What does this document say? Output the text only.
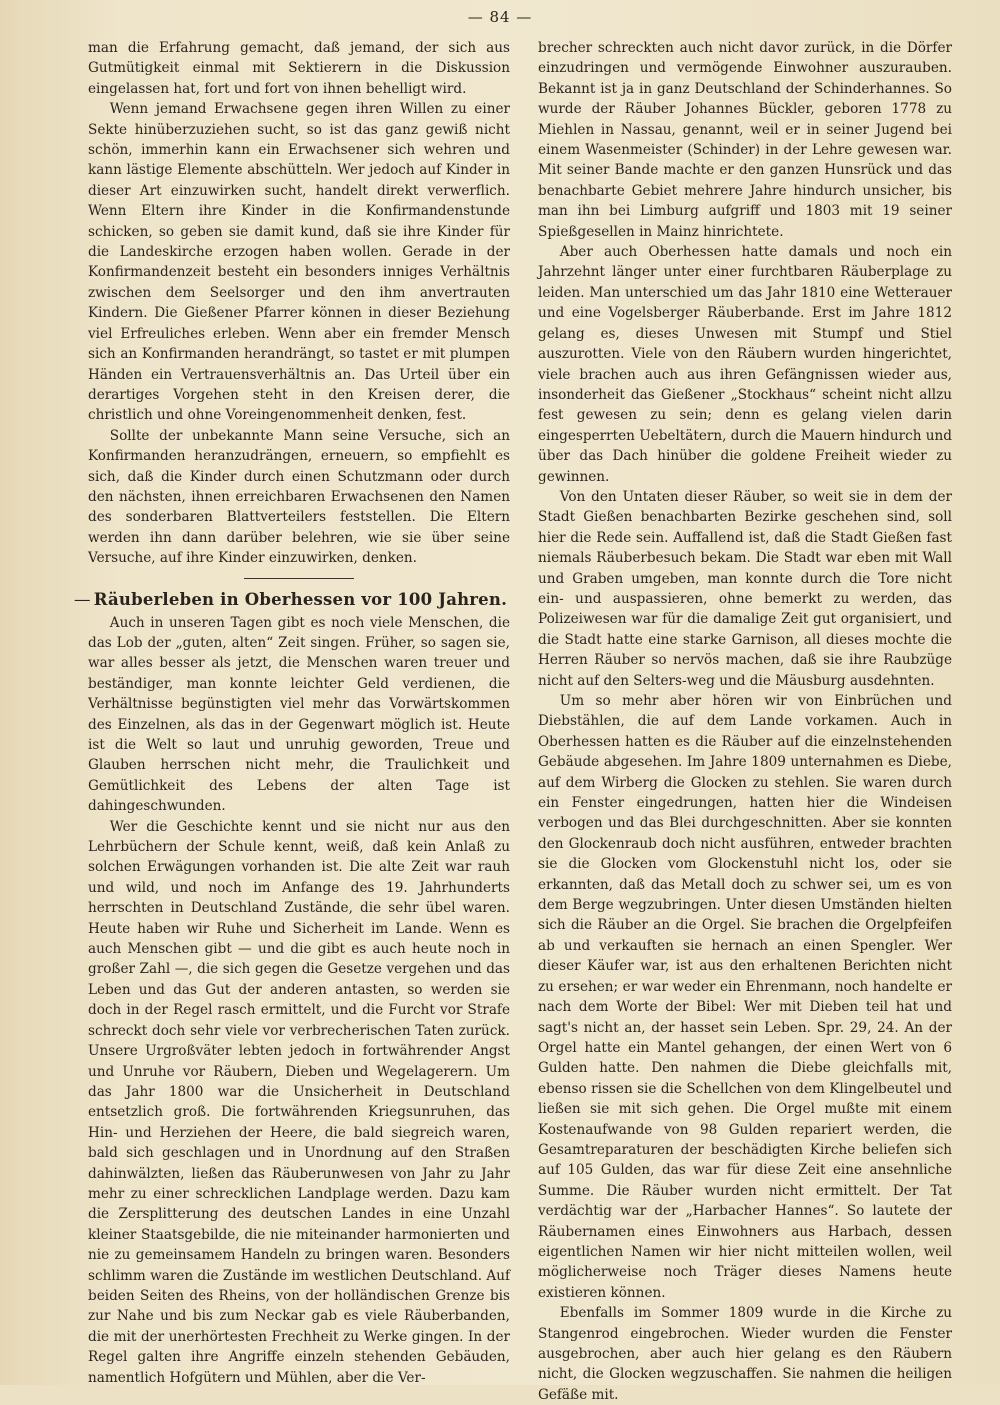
— 84 —

man die Erfahrung gemacht, daß jemand, der sich aus Gutmütigkeit einmal mit Sektierern in die Diskussion eingelassen hat, fort und fort von ihnen behelligt wird.

Wenn jemand Erwachsene gegen ihren Willen zu einer Sekte hinüberzuziehen sucht, so ist das ganz gewiß nicht schön, immerhin kann ein Erwachsener sich wehren und kann lästige Elemente abschütteln. Wer jedoch auf Kinder in dieser Art einzuwirken sucht, handelt direkt verwerflich. Wenn Eltern ihre Kinder in die Konfirmandenstunde schicken, so geben sie damit kund, daß sie ihre Kinder für die Landeskirche erzogen haben wollen. Gerade in der Konfirmandenzeit besteht ein besonders inniges Verhältnis zwischen dem Seelsorger und den ihm anvertrauten Kindern. Die Gießener Pfarrer können in dieser Beziehung viel Erfreuliches erleben. Wenn aber ein fremder Mensch sich an Konfirmanden herandrängt, so tastet er mit plumpen Händen ein Vertrauensverhältnis an. Das Urteil über ein derartiges Vorgehen steht in den Kreisen derer, die christlich und ohne Voreingenommenheit denken, fest.

Sollte der unbekannte Mann seine Versuche, sich an Konfirmanden heranzudrängen, erneuern, so empfiehlt es sich, daß die Kinder durch einen Schutzmann oder durch den nächsten, ihnen erreichbaren Erwachsenen den Namen des sonderbaren Blattverteilers feststellen. Die Eltern werden ihn dann darüber belehren, wie sie über seine Versuche, auf ihre Kinder einzuwirken, denken.

— Räuberleben in Oberhessen vor 100 Jahren.

Auch in unseren Tagen gibt es noch viele Menschen, die das Lob der „guten, alten“ Zeit singen. Früher, so sagen sie, war alles besser als jetzt, die Menschen waren treuer und beständiger, man konnte leichter Geld verdienen, die Verhältnisse begünstigten viel mehr das Vorwärtskommen des Einzelnen, als das in der Gegenwart möglich ist. Heute ist die Welt so laut und unruhig geworden, Treue und Glauben herrschen nicht mehr, die Traulichkeit und Gemütlichkeit des Lebens der alten Tage ist dahingeschwunden.

Wer die Geschichte kennt und sie nicht nur aus den Lehrbüchern der Schule kennt, weiß, daß kein Anlaß zu solchen Erwägungen vorhanden ist. Die alte Zeit war rauh und wild, und noch im Anfange des 19. Jahrhunderts herrschten in Deutschland Zustände, die sehr übel waren. Heute haben wir Ruhe und Sicherheit im Lande. Wenn es auch Menschen gibt — und die gibt es auch heute noch in großer Zahl —, die sich gegen die Gesetze vergehen und das Leben und das Gut der anderen antasten, so werden sie doch in der Regel rasch ermittelt, und die Furcht vor Strafe schreckt doch sehr viele vor verbrecherischen Taten zurück. Unsere Urgroßväter lebten jedoch in fortwährender Angst und Unruhe vor Räubern, Dieben und Wegelagerern. Um das Jahr 1800 war die Unsicherheit in Deutschland entsetzlich groß. Die fortwährenden Kriegsunruhen, das Hin- und Herziehen der Heere, die bald siegreich waren, bald sich geschlagen und in Unordnung auf den Straßen dahinwälzten, ließen das Räuberunwesen von Jahr zu Jahr mehr zu einer schrecklichen Landplage werden. Dazu kam die Zersplitterung des deutschen Landes in eine Unzahl kleiner Staatsgebilde, die nie miteinander harmonierten und nie zu gemeinsamem Handeln zu bringen waren. Besonders schlimm waren die Zustände im westlichen Deutschland. Auf beiden Seiten des Rheins, von der holländischen Grenze bis zur Nahe und bis zum Neckar gab es viele Räuberbanden, die mit der unerhörtesten Frechheit zu Werke gingen. In der Regel galten ihre Angriffe einzeln stehenden Gebäuden, namentlich Hofgütern und Mühlen, aber die Ver-

brecher schreckten auch nicht davor zurück, in die Dörfer einzudringen und vermögende Einwohner auszurauben. Bekannt ist ja in ganz Deutschland der Schinderhannes. So wurde der Räuber Johannes Bückler, geboren 1778 zu Miehlen in Nassau, genannt, weil er in seiner Jugend bei einem Wasenmeister (Schinder) in der Lehre gewesen war. Mit seiner Bande machte er den ganzen Hunsrück und das benachbarte Gebiet mehrere Jahre hindurch unsicher, bis man ihn bei Limburg aufgriff und 1803 mit 19 seiner Spießgesellen in Mainz hinrichtete.

Aber auch Oberhessen hatte damals und noch ein Jahrzehnt länger unter einer furchtbaren Räuberplage zu leiden. Man unterschied um das Jahr 1810 eine Wetterauer und eine Vogelsberger Räuberbande. Erst im Jahre 1812 gelang es, dieses Unwesen mit Stumpf und Stiel auszurotten. Viele von den Räubern wurden hingerichtet, viele brachen auch aus ihren Gefängnissen wieder aus, insonderheit das Gießener „Stockhaus“ scheint nicht allzu fest gewesen zu sein; denn es gelang vielen darin eingesperrten Uebeltätern, durch die Mauern hindurch und über das Dach hinüber die goldene Freiheit wieder zu gewinnen.

Von den Untaten dieser Räuber, so weit sie in dem der Stadt Gießen benachbarten Bezirke geschehen sind, soll hier die Rede sein. Auffallend ist, daß die Stadt Gießen fast niemals Räuberbesuch bekam. Die Stadt war eben mit Wall und Graben umgeben, man konnte durch die Tore nicht ein- und auspassieren, ohne bemerkt zu werden, das Polizeiwesen war für die damalige Zeit gut organisiert, und die Stadt hatte eine starke Garnison, all dieses mochte die Herren Räuber so nervös machen, daß sie ihre Raubzüge nicht auf den Selters-weg und die Mäusburg ausdehnten.

Um so mehr aber hören wir von Einbrüchen und Diebstählen, die auf dem Lande vorkamen. Auch in Oberhessen hatten es die Räuber auf die einzelnstehenden Gebäude abgesehen. Im Jahre 1809 unternahmen es Diebe, auf dem Wirberg die Glocken zu stehlen. Sie waren durch ein Fenster eingedrungen, hatten hier die Windeisen verbogen und das Blei durchgeschnitten. Aber sie konnten den Glockenraub doch nicht ausführen, entweder brachten sie die Glocken vom Glockenstuhl nicht los, oder sie erkannten, daß das Metall doch zu schwer sei, um es von dem Berge wegzubringen. Unter diesen Umständen hielten sich die Räuber an die Orgel. Sie brachen die Orgelpfeifen ab und verkauften sie hernach an einen Spengler. Wer dieser Käufer war, ist aus den erhaltenen Berichten nicht zu ersehen; er war weder ein Ehrenmann, noch handelte er nach dem Worte der Bibel: Wer mit Dieben teil hat und sagt's nicht an, der hasset sein Leben. Spr. 29, 24. An der Orgel hatte ein Mantel gehangen, der einen Wert von 6 Gulden hatte. Den nahmen die Diebe gleichfalls mit, ebenso rissen sie die Schellchen von dem Klingelbeutel und ließen sie mit sich gehen. Die Orgel mußte mit einem Kostenaufwande von 98 Gulden repariert werden, die Gesamtreparaturen der beschädigten Kirche beliefen sich auf 105 Gulden, das war für diese Zeit eine ansehnliche Summe. Die Räuber wurden nicht ermittelt. Der Tat verdächtig war der „Harbacher Hannes“. So lautete der Räubernamen eines Einwohners aus Harbach, dessen eigentlichen Namen wir hier nicht mitteilen wollen, weil möglicherweise noch Träger dieses Namens heute existieren können.

Ebenfalls im Sommer 1809 wurde in die Kirche zu Stangenrod eingebrochen. Wieder wurden die Fenster ausgebrochen, aber auch hier gelang es den Räubern nicht, die Glocken wegzuschaffen. Sie nahmen die heiligen Gefäße mit.
